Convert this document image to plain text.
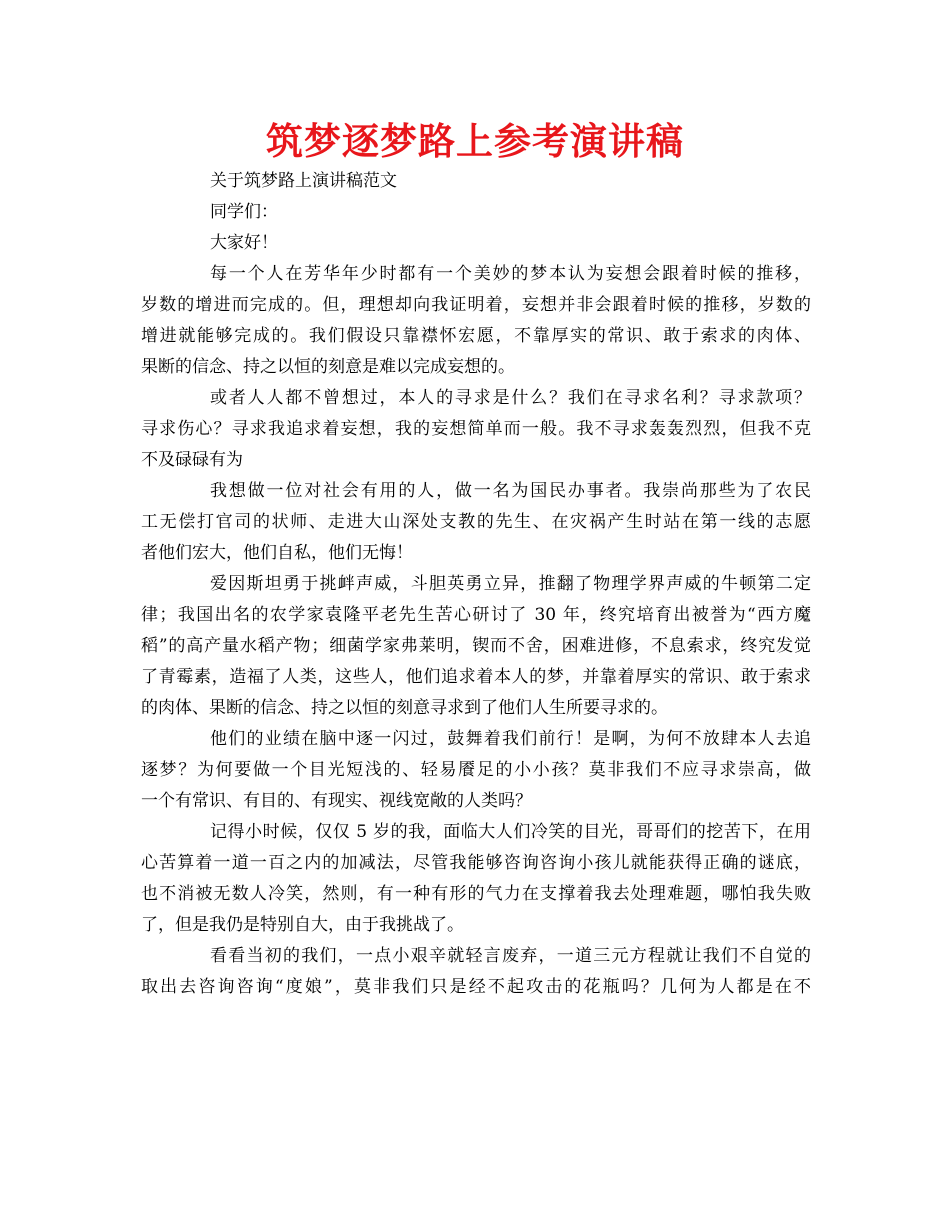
筑梦逐梦路上参考演讲稿

关于筑梦路上演讲稿范文

同学们：

大家好！

每一个人在芳华年少时都有一个美妙的梦本认为妄想会跟着时候的推移，

岁数的增进而完成的。但，理想却向我证明着，妄想并非会跟着时候的推移，岁数的

增进就能够完成的。我们假设只靠襟怀宏愿，不靠厚实的常识、敢于索求的肉体、

果断的信念、持之以恒的刻意是难以完成妄想的。

或者人人都不曾想过，本人的寻求是什么？我们在寻求名利？寻求款项？

寻求伤心？寻求我追求着妄想，我的妄想简单而一般。我不寻求轰轰烈烈，但我不克

不及碌碌有为

我想做一位对社会有用的人，做一名为国民办事者。我崇尚那些为了农民

工无偿打官司的状师、走进大山深处支教的先生、在灾祸产生时站在第一线的志愿

者他们宏大，他们自私，他们无悔！

爱因斯坦勇于挑衅声威，斗胆英勇立异，推翻了物理学界声威的牛顿第二定

律；我国出名的农学家袁隆平老先生苦心研讨了 30 年，终究培育出被誉为“西方魔

稻”的高产量水稻产物；细菌学家弗莱明，锲而不舍，困难进修，不息索求，终究发觉

了青霉素，造福了人类，这些人，他们追求着本人的梦，并靠着厚实的常识、敢于索求

的肉体、果断的信念、持之以恒的刻意寻求到了他们人生所要寻求的。

他们的业绩在脑中逐一闪过，鼓舞着我们前行！是啊，为何不放肆本人去追

逐梦？为何要做一个目光短浅的、轻易餍足的小小孩？莫非我们不应寻求崇高，做

一个有常识、有目的、有现实、视线宽敞的人类吗？

记得小时候，仅仅 5 岁的我，面临大人们冷笑的目光，哥哥们的挖苦下，在用

心苦算着一道一百之内的加减法，尽管我能够咨询咨询小孩儿就能获得正确的谜底，

也不消被无数人冷笑，然则，有一种有形的气力在支撑着我去处理难题，哪怕我失败

了，但是我仍是特别自大，由于我挑战了。

看看当初的我们，一点小艰辛就轻言废弃，一道三元方程就让我们不自觉的

取出去咨询咨询“度娘”，莫非我们只是经不起攻击的花瓶吗？几何为人都是在不
